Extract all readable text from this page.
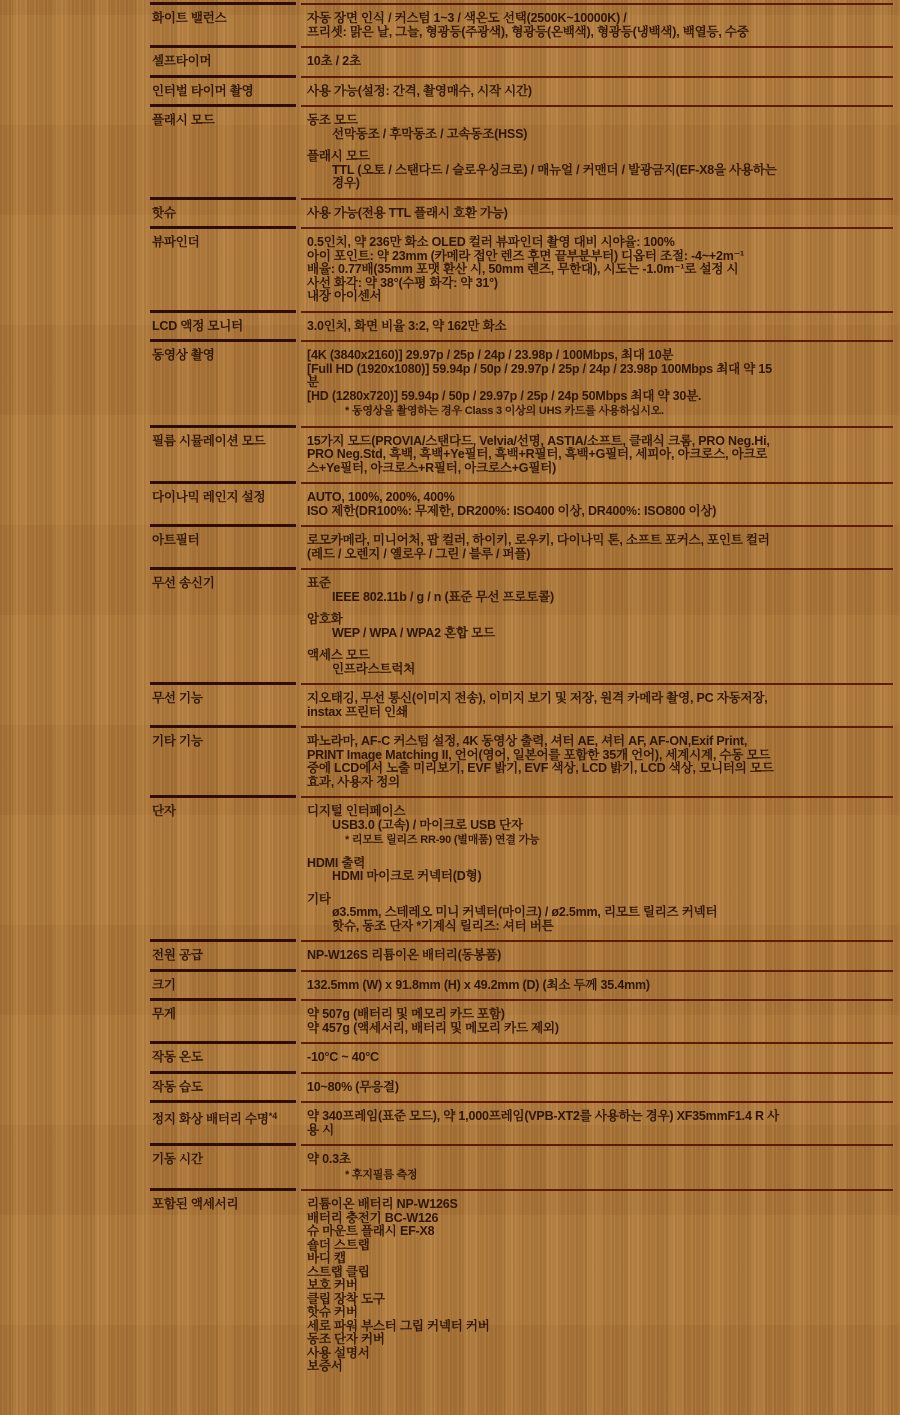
화이트 밸런스	자동 장면 인식 / 커스텀 1~3 / 색온도 선택(2500K~10000K) /
프리셋: 맑은 날, 그늘, 형광등(주광색), 형광등(온백색), 형광등(냉백색), 백열등, 수중
셀프타이머	10초 / 2초
인터벌 타이머 촬영	사용 가능(설정: 간격, 촬영매수, 시작 시간)
플래시 모드	동조 모드
선막동조 / 후막동조 / 고속동조(HSS)
플래시 모드
TTL (오토 / 스탠다드 / 슬로우싱크로) / 매뉴얼 / 커맨더 / 발광금지(EF-X8을 사용하는 경우)
핫슈	사용 가능(전용 TTL 플래시 호환 가능)
뷰파인더	0.5인치, 약 236만 화소 OLED 컬러 뷰파인더 촬영 대비 시야율: 100%
아이 포인트: 약 23mm (카메라 접안 렌즈 후면 끝부분부터) 디옵터 조절: -4~+2m⁻¹
배율: 0.77배(35mm 포맷 환산 시, 50mm 렌즈, 무한대), 시도는 -1.0m⁻¹로 설정 시
사선 화각: 약 38°(수평 화각: 약 31°)
내장 아이센서
LCD 액정 모니터	3.0인치, 화면 비율 3:2, 약 162만 화소
동영상 촬영	[4K (3840x2160)] 29.97p / 25p / 24p / 23.98p / 100Mbps, 최대 10분
[Full HD (1920x1080)] 59.94p / 50p / 29.97p / 25p / 24p / 23.98p 100Mbps 최대 약 15분
[HD (1280x720)] 59.94p / 50p / 29.97p / 25p / 24p 50Mbps 최대 약 30분.
* 동영상을 촬영하는 경우 Class 3 이상의 UHS 카드를 사용하십시오.
필름 시뮬레이션 모드	15가지 모드(PROVIA/스탠다드, Velvia/선명, ASTIA/소프트, 클래식 크롬, PRO Neg.Hi, PRO Neg.Std, 흑백, 흑백+Ye필터, 흑백+R필터, 흑백+G필터, 세피아, 아크로스, 아크로스+Ye필터, 아크로스+R필터, 아크로스+G필터)
다이나믹 레인지 설정	AUTO, 100%, 200%, 400%
ISO 제한(DR100%: 무제한, DR200%: ISO400 이상, DR400%: ISO800 이상)
아트필터	로모카메라, 미니어처, 팝 컬러, 하이키, 로우키, 다이나믹 톤, 소프트 포커스, 포인트 컬러(레드 / 오렌지 / 옐로우 / 그린 / 블루 / 퍼플)
무선 송신기	표준
IEEE 802.11b / g / n (표준 무선 프로토콜)
암호화
WEP / WPA / WPA2 혼합 모드
액세스 모드
인프라스트럭처
무선 기능	지오태깅, 무선 통신(이미지 전송), 이미지 보기 및 저장, 원격 카메라 촬영, PC 자동저장, instax 프린터 인쇄
기타 기능	파노라마, AF-C 커스텀 설정, 4K 동영상 출력, 셔터 AE, 셔터 AF, AF-ON,Exif Print, PRINT Image Matching II, 언어(영어, 일본어를 포함한 35개 언어), 세계시계, 수동 모드 중에 LCD에서 노출 미리보기, EVF 밝기, EVF 색상, LCD 밝기, LCD 색상, 모니터의 모드 효과, 사용자 정의
단자	디지털 인터페이스
USB3.0 (고속) / 마이크로 USB 단자
* 리모트 릴리즈 RR-90 (별매품) 연결 가능
HDMI 출력
HDMI 마이크로 커넥터(D형)
기타
ø3.5mm, 스테레오 미니 커넥터(마이크) / ø2.5mm, 리모트 릴리즈 커넥터
핫슈, 동조 단자 *기계식 릴리즈: 셔터 버튼
전원 공급	NP-W126S 리튬이온 배터리(동봉품)
크기	132.5mm (W) x 91.8mm (H) x 49.2mm (D) (최소 두께 35.4mm)
무게	약 507g (배터리 및 메모리 카드 포함)
약 457g (액세서리, 배터리 및 메모리 카드 제외)
작동 온도	-10°C ~ 40°C
작동 습도	10~80% (무응결)
정지 화상 배터리 수명$^{*4}$	약 340프레임(표준 모드), 약 1,000프레임(VPB-XT2를 사용하는 경우) XF35mmF1.4 R 사용 시
기동 시간	약 0.3초
* 후지필름 측정
포함된 액세서리	리튬이온 배터리 NP-W126S
배터리 충전기 BC-W126
슈 마운트 플래시 EF-X8
숄더 스트랩
바디 캡
스트랩 클립
보호 커버
클립 장착 도구
핫슈 커버
세로 파워 부스터 그립 커넥터 커버
동조 단자 커버
사용 설명서
보증서
